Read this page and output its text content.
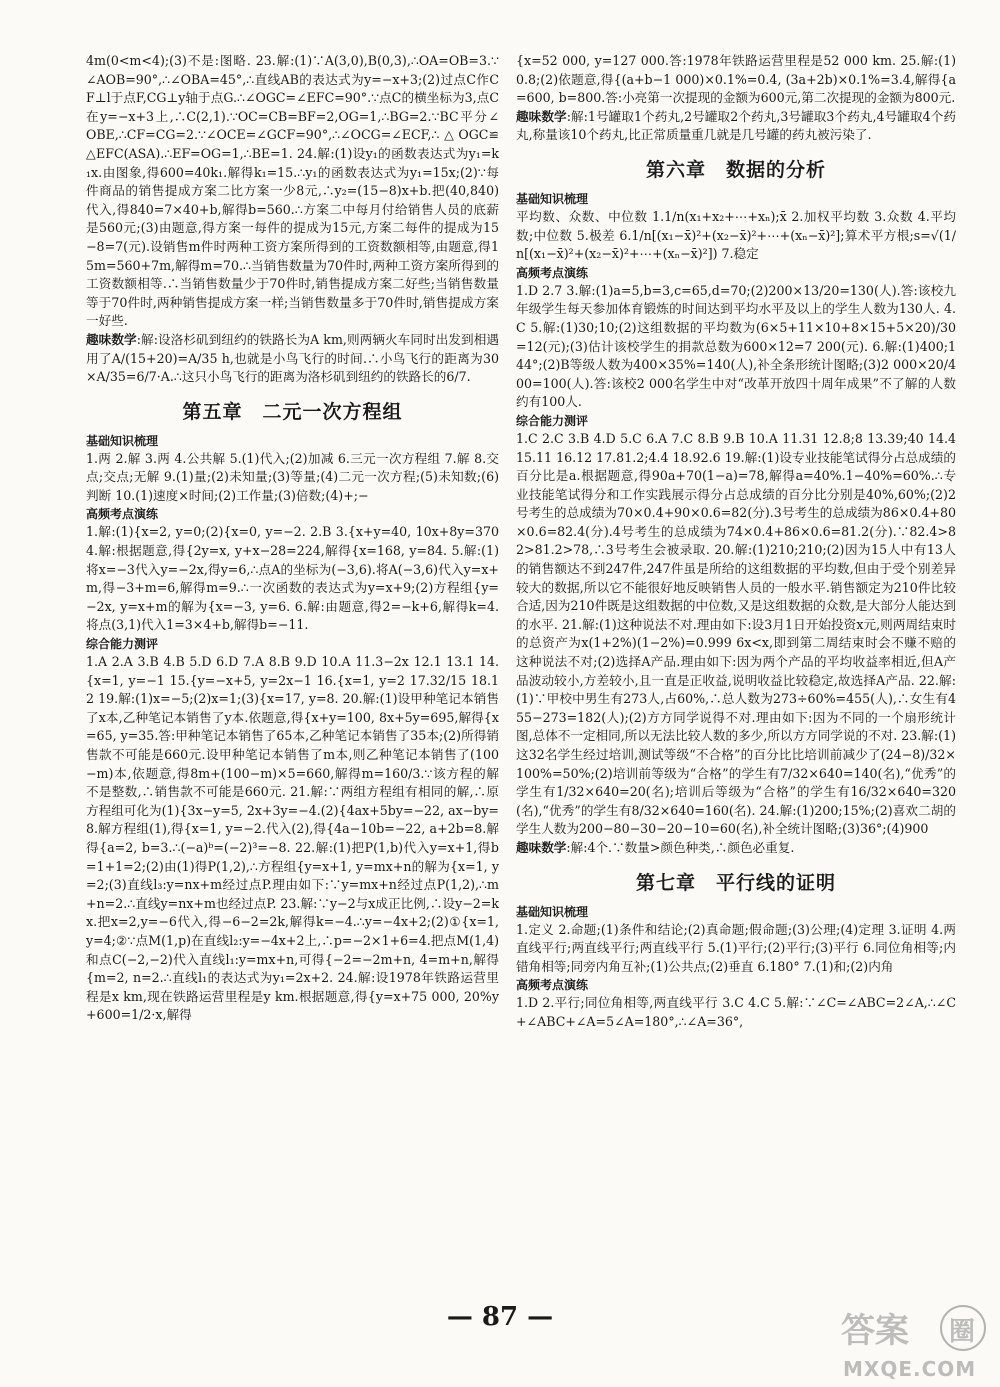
4m(0<m<4);(3)不是:图略. 23.解:(1)∵A(3,0),B(0,3),∴OA=OB=3.∵∠AOB=90°,∴∠OBA=45°,∴直线AB的表达式为y=−x+3;(2)过点C作CF⊥l于点F,CG⊥y轴于点G.∴∠OGC=∠EFC=90°.∵点C的横坐标为3,点C在y=−x+3上,∴C(2,1).∵OC=CB=BF=2,OG=1,∴BG=2.∵BC平分∠OBE,∴CF=CG=2.∵∠OCE=∠GCF=90°,∴∠OCG=∠ECF,∴△OGC≌△EFC(ASA).∴EF=OG=1,∴BE=1. 24.解:(1)设y₁的函数表达式为y₁=k₁x.由图象,得600=40k₁.解得k₁=15.∴y₁的函数表达式为y₁=15x;(2)∵每件商品的销售提成方案二比方案一少8元,∴y₂=(15−8)x+b.把(40,840)代入,得840=7×40+b,解得b=560.∴方案二中每月付给销售人员的底薪是560元;(3)由题意,得方案一每件的提成为15元,方案二每件的提成为15−8=7(元).设销售m件时两种工资方案所得到的工资数额相等,由题意,得15m=560+7m,解得m=70.∴当销售数量为70件时,两种工资方案所得到的工资数额相等.∴当销售数量少于70件时,销售提成方案二好些;当销售数量等于70件时,两种销售提成方案一样;当销售数量多于70件时,销售提成方案一好些.

趣味数学:解:设洛杉矶到纽约的铁路长为A km,则两辆火车同时出发到相遇用了A/(15+20)=A/35 h,也就是小鸟飞行的时间.∴小鸟飞行的距离为30×A/35=6/7·A.∴这只小鸟飞行的距离为洛杉矶到纽约的铁路长的6/7.

第五章　二元一次方程组
基础知识梳理

1.两 2.解 3.两 4.公共解 5.(1)代入;(2)加减 6.三元一次方程组 7.解 8.交点;交点;无解 9.(1)量;(2)未知量;(3)等量;(4)二元一次方程;(5)未知数;(6)判断 10.(1)速度×时间;(2)工作量;(3)倍数;(4)+;−

高频考点演练

1.解:(1){x=2, y=0;(2){x=0, y=−2. 2.B 3.{x+y=40, 10x+8y=370 4.解:根据题意,得{2y=x, y+x−28=224,解得{x=168, y=84. 5.解:(1)将x=−3代入y=−2x,得y=6,∴点A的坐标为(−3,6).将A(−3,6)代入y=x+m,得−3+m=6,解得m=9.∴一次函数的表达式为y=x+9;(2)方程组{y=−2x, y=x+m的解为{x=−3, y=6. 6.解:由题意,得2=−k+6,解得k=4. 将点(3,1)代入1=3×4+b,解得b=−11.

综合能力测评

1.A 2.A 3.B 4.B 5.D 6.D 7.A 8.B 9.D 10.A 11.3−2x 12.1 13.1 14.{x=1, y=−1 15.{y=−x+5, y=2x−1 16.{x=1, y=2 17.32/15 18.12 19.解:(1)x=−5;(2)x=1;(3){x=17, y=8. 20.解:(1)设甲种笔记本销售了x本,乙种笔记本销售了y本.依题意,得{x+y=100, 8x+5y=695,解得{x=65, y=35.答:甲种笔记本销售了65本,乙种笔记本销售了35本;(2)所得销售款不可能是660元.设甲种笔记本销售了m本,则乙种笔记本销售了(100−m)本,依题意,得8m+(100−m)×5=660,解得m=160/3.∵该方程的解不是整数,∴销售款不可能是660元. 21.解:∵两组方程组有相同的解,∴原方程组可化为(1){3x−y=5, 2x+3y=−4.(2){4ax+5by=−22, ax−by=8.解方程组(1),得{x=1, y=−2.代入(2),得{4a−10b=−22, a+2b=8.解得{a=2, b=3.∴(−a)ᵇ=(−2)³=−8. 22.解:(1)把P(1,b)代入y=x+1,得b=1+1=2;(2)由(1)得P(1,2),∴方程组{y=x+1, y=mx+n的解为{x=1, y=2;(3)直线l₃:y=nx+m经过点P.理由如下:∵y=mx+n经过点P(1,2),∴m+n=2.∴直线y=nx+m也经过点P. 23.解:∵y−2与x成正比例,∴设y−2=kx.把x=2,y=−6代入,得−6−2=2k,解得k=−4.∴y=−4x+2;(2)①{x=1, y=4;②∵点M(1,p)在直线l₂:y=−4x+2上,∴p=−2×1+6=4.把点M(1,4)和点C(−2,−2)代入直线l₁:y=mx+n,可得{−2=−2m+n, 4=m+n,解得{m=2, n=2.∴直线l₁的表达式为y₁=2x+2. 24.解:设1978年铁路运营里程是x km,现在铁路运营里程是y km.根据题意,得{y=x+75 000, 20%y+600=1/2·x,解得

{x=52 000, y=127 000.答:1978年铁路运营里程是52 000 km. 25.解:(1)0.8;(2)依题意,得{(a+b−1 000)×0.1%=0.4, (3a+2b)×0.1%=3.4,解得{a=600, b=800.答:小亮第一次提现的金额为600元,第二次提现的金额为800元.

趣味数学:解:1号罐取1个药丸,2号罐取2个药丸,3号罐取3个药丸,4号罐取4个药丸,称量该10个药丸,比正常质量重几就是几号罐的药丸被污染了.

第六章　数据的分析
基础知识梳理

平均数、众数、中位数 1.1/n(x₁+x₂+⋯+xₙ);x̄ 2.加权平均数 3.众数 4.平均数;中位数 5.极差 6.1/n[(x₁−x̄)²+(x₂−x̄)²+⋯+(xₙ−x̄)²];算术平方根;s=√(1/n[(x₁−x̄)²+(x₂−x̄)²+⋯+(xₙ−x̄)²]) 7.稳定

高频考点演练

1.D 2.7 3.解:(1)a=5,b=3,c=65,d=70;(2)200×13/20=130(人).答:该校九年级学生每天参加体育锻炼的时间达到平均水平及以上的学生人数为130人. 4.C 5.解:(1)30;10;(2)这组数据的平均数为(6×5+11×10+8×15+5×20)/30=12(元);(3)估计该校学生的捐款总数为600×12=7 200(元). 6.解:(1)400;144°;(2)B等级人数为400×35%=140(人),补全条形统计图略;(3)2 000×20/400=100(人).答:该校2 000名学生中对“改革开放四十周年成果”不了解的人数约有100人.

综合能力测评

1.C 2.C 3.B 4.D 5.C 6.A 7.C 8.B 9.B 10.A 11.31 12.8;8 13.39;40 14.4 15.11 16.12 17.81.2;4.4 18.92.6 19.解:(1)设专业技能笔试得分占总成绩的百分比是a.根据题意,得90a+70(1−a)=78,解得a=40%.1−40%=60%.∴专业技能笔试得分和工作实践展示得分占总成绩的百分比分别是40%,60%;(2)2号考生的总成绩为70×0.4+90×0.6=82(分).3号考生的总成绩为86×0.4+80×0.6=82.4(分).4号考生的总成绩为74×0.4+86×0.6=81.2(分).∵82.4>82>81.2>78,∴3号考生会被录取. 20.解:(1)210;210;(2)因为15人中有13人的销售额达不到247件,247件虽是所给的这组数据的平均数,但由于受个别差异较大的数据,所以它不能很好地反映销售人员的一般水平.销售额定为210件比较合适,因为210件既是这组数据的中位数,又是这组数据的众数,是大部分人能达到的水平. 21.解:(1)这种说法不对.理由如下:设3月1日开始投资x元,则两周结束时的总资产为x(1+2%)(1−2%)=0.999 6x<x,即到第二周结束时会不赚不赔的这种说法不对;(2)选择A产品.理由如下:因为两个产品的平均收益率相近,但A产品波动较小,方差较小,且一直是正收益,说明收益比较稳定,故选择A产品. 22.解:(1)∵甲校中男生有273人,占60%,∴总人数为273÷60%=455(人),∴女生有455−273=182(人);(2)方方同学说得不对.理由如下:因为不同的一个扇形统计图,总体不一定相同,所以无法比较人数的多少,所以方方同学说的不对. 23.解:(1)这32名学生经过培训,测试等级“不合格”的百分比比培训前减少了(24−8)/32×100%=50%;(2)培训前等级为“合格”的学生有7/32×640=140(名),“优秀”的学生有1/32×640=20(名);培训后等级为“合格”的学生有16/32×640=320(名),“优秀”的学生有8/32×640=160(名). 24.解:(1)200;15%;(2)喜欢二胡的学生人数为200−80−30−20−10=60(名),补全统计图略;(3)36°;(4)900

趣味数学:解:4个.∵数量>颜色种类,∴颜色必重复.

第七章　平行线的证明
基础知识梳理

1.定义 2.命题;(1)条件和结论;(2)真命题;假命题;(3)公理;(4)定理 3.证明 4.两直线平行;两直线平行;两直线平行 5.(1)平行;(2)平行;(3)平行 6.同位角相等;内错角相等;同旁内角互补;(1)公共点;(2)垂直 6.180° 7.(1)和;(2)内角

高频考点演练

1.D 2.平行;同位角相等,两直线平行 3.C 4.C 5.解:∵∠C=∠ABC=2∠A,∴∠C+∠ABC+∠A=5∠A=180°,∴∠A=36°,

— 87 —	答案 圈
MXQE.COM
